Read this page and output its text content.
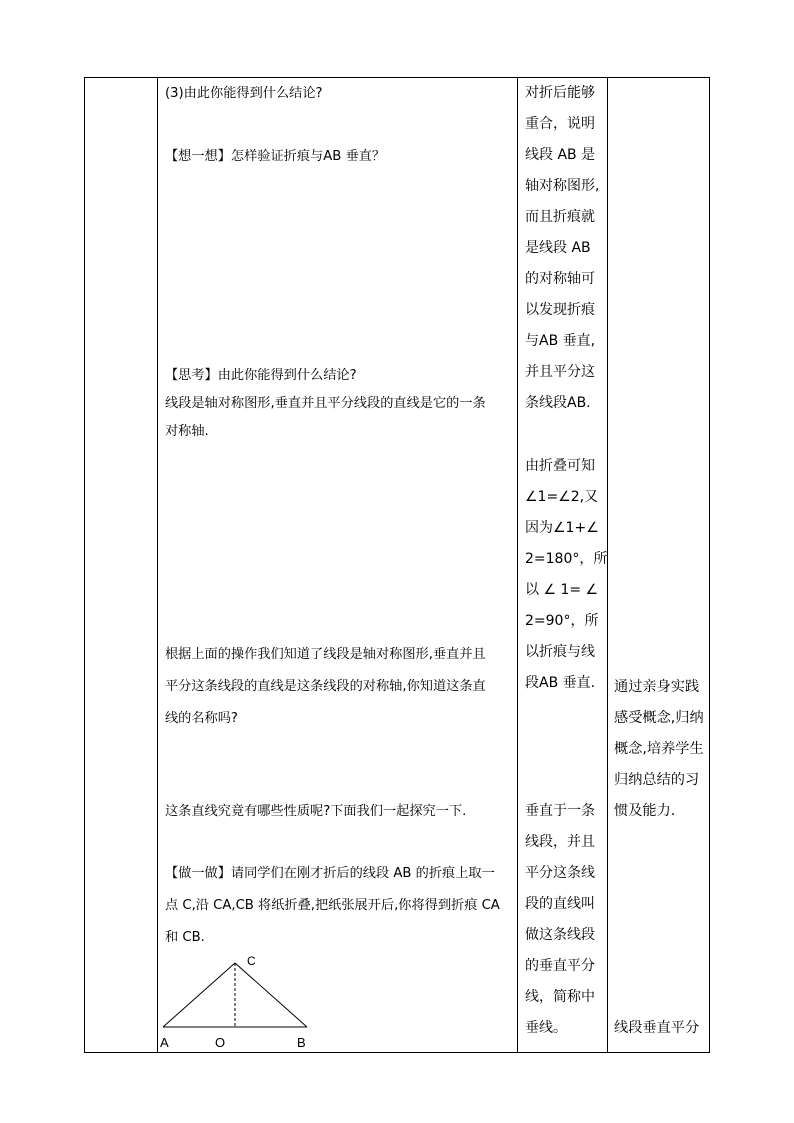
(3)由此你能得到什么结论?
【想一想】怎样验证折痕与AB 垂直？
【思考】由此你能得到什么结论?
线段是轴对称图形,垂直并且平分线段的直线是它的一条
对称轴.
根据上面的操作我们知道了线段是轴对称图形,垂直并且
平分这条线段的直线是这条线段的对称轴,你知道这条直
线的名称吗?
这条直线究竟有哪些性质呢?下面我们一起探究一下.
【做一做】请同学们在刚才折后的线段 AB 的折痕上取一
点 C,沿 CA,CB 将纸折叠,把纸张展开后,你将得到折痕 CA
和 CB.
C
A	O	B
对折后能够
重合，说明
线段 AB 是
轴对称图形,
而且折痕就
是线段 AB
的对称轴可
以发现折痕
与AB 垂直,
并且平分这
条线段AB.
由折叠可知
∠1=∠2,又
因为∠1+∠
2=180°，所
以 ∠ 1= ∠
2=90°，所
以折痕与线
段AB 垂直.
垂直于一条
线段，并且
平分这条线
段的直线叫
做这条线段
的垂直平分
线，简称中
垂线。
通过亲身实践
感受概念,归纳
概念,培养学生
归纳总结的习
惯及能力.
线段垂直平分
